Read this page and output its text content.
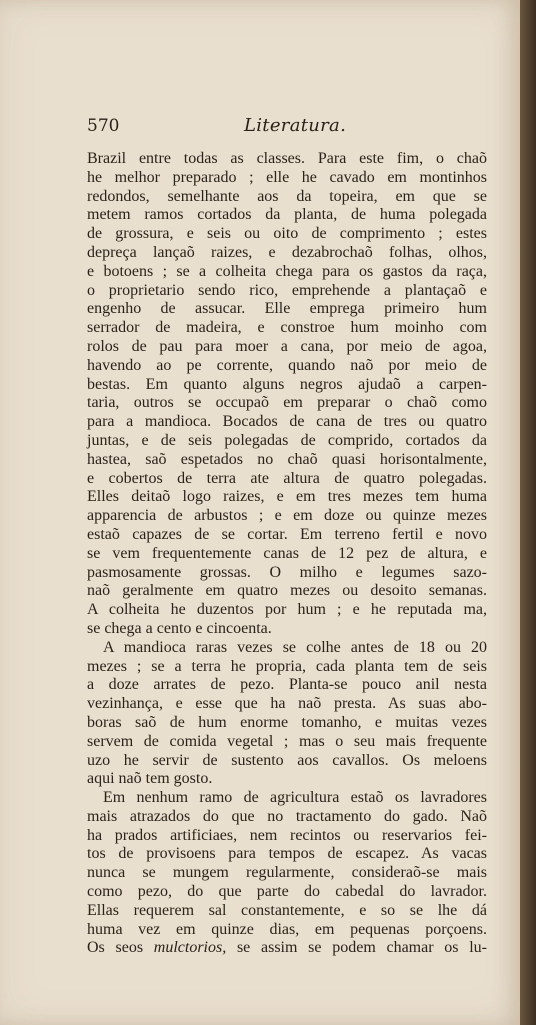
570	Literatura.
Brazil entre todas as classes. Para este fim, o chaõ
he melhor preparado ; elle he cavado em montinhos
redondos, semelhante aos da topeira, em que se
metem ramos cortados da planta, de huma polegada
de grossura, e seis ou oito de comprimento ; estes
depreça lançaõ raizes, e dezabrochaõ folhas, olhos,
e botoens ; se a colheita chega para os gastos da raça,
o proprietario sendo rico, emprehende a plantaçaõ e
engenho de assucar. Elle emprega primeiro hum
serrador de madeira, e constroe hum moinho com
rolos de pau para moer a cana, por meio de agoa,
havendo ao pe corrente, quando naõ por meio de
bestas. Em quanto alguns negros ajudaõ a carpen-
taria, outros se occupaõ em preparar o chaõ como
para a mandioca. Bocados de cana de tres ou quatro
juntas, e de seis polegadas de comprido, cortados da
hastea, saõ espetados no chaõ quasi horisontalmente,
e cobertos de terra ate altura de quatro polegadas.
Elles deitaõ logo raizes, e em tres mezes tem huma
apparencia de arbustos ; e em doze ou quinze mezes
estaõ capazes de se cortar. Em terreno fertil e novo
se vem frequentemente canas de 12 pez de altura, e
pasmosamente grossas. O milho e legumes sazo-
naõ geralmente em quatro mezes ou desoito semanas.
A colheita he duzentos por hum ; e he reputada ma,
se chega a cento e cincoenta.
A mandioca raras vezes se colhe antes de 18 ou 20
mezes ; se a terra he propria, cada planta tem de seis
a doze arrates de pezo. Planta-se pouco anil nesta
vezinhança, e esse que ha naõ presta. As suas abo-
boras saõ de hum enorme tomanho, e muitas vezes
servem de comida vegetal ; mas o seu mais frequente
uzo he servir de sustento aos cavallos. Os meloens
aqui naõ tem gosto.
Em nenhum ramo de agricultura estaõ os lavradores
mais atrazados do que no tractamento do gado. Naõ
ha prados artificiaes, nem recintos ou reservarios fei-
tos de provisoens para tempos de escapez. As vacas
nunca se mungem regularmente, consideraõ-se mais
como pezo, do que parte do cabedal do lavrador.
Ellas requerem sal constantemente, e so se lhe dá
huma vez em quinze dias, em pequenas porçoens.
Os seos mulctorios, se assim se podem chamar os lu-
